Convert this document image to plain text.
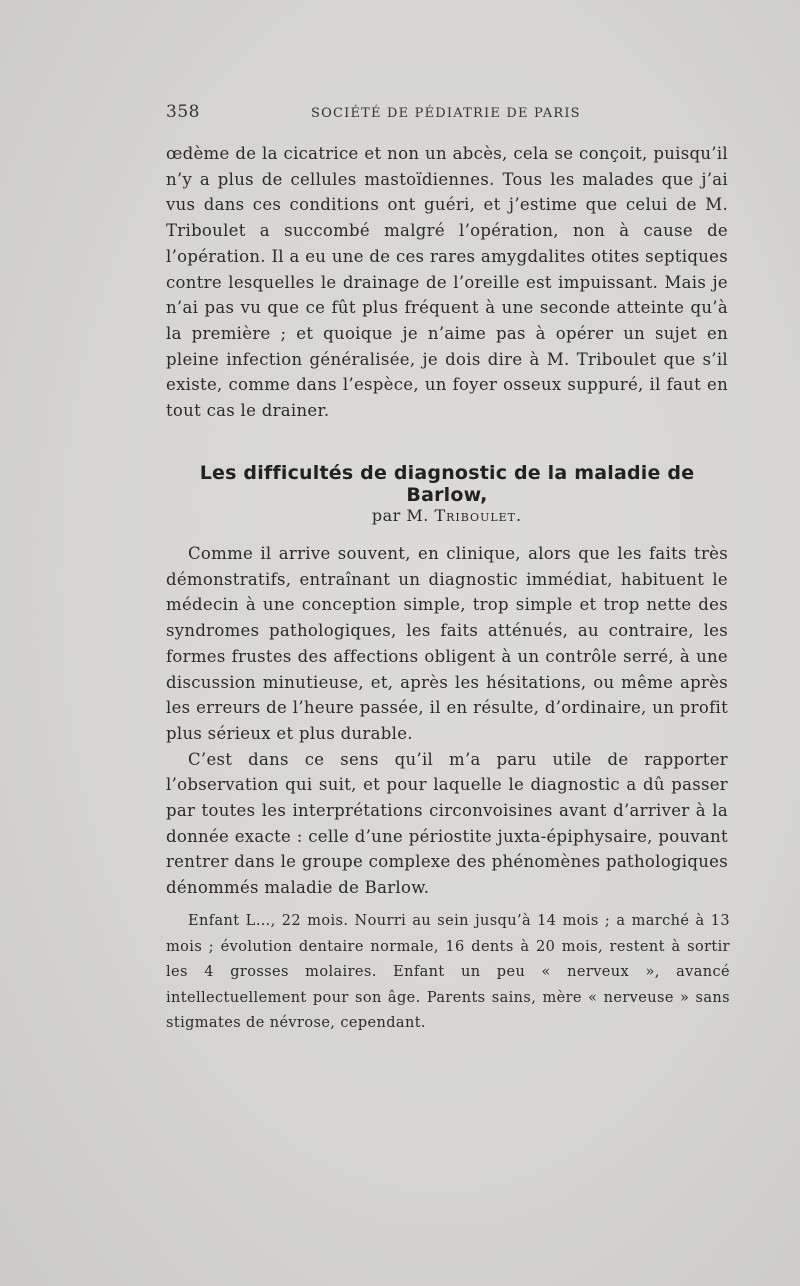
358	SOCIÉTÉ DE PÉDIATRIE DE PARIS
œdème de la cicatrice et non un abcès, cela se conçoit, puisqu’il n’y a plus de cellules mastoïdiennes. Tous les malades que j’ai vus dans ces conditions ont guéri, et j’estime que celui de M. Triboulet a succombé malgré l’opération, non à cause de l’opération. Il a eu une de ces rares amygdalites otites septiques contre lesquelles le drainage de l’oreille est impuissant. Mais je n’ai pas vu que ce fût plus fréquent à une seconde atteinte qu’à la première ; et quoique je n’aime pas à opérer un sujet en pleine infection généralisée, je dois dire à M. Triboulet que s’il existe, comme dans l’espèce, un foyer osseux suppuré, il faut en tout cas le drainer.
Les difficultés de diagnostic de la maladie de Barlow,
par M. Triboulet.

Comme il arrive souvent, en clinique, alors que les faits très démonstratifs, entraînant un diagnostic immédiat, habituent le médecin à une conception simple, trop simple et trop nette des syndromes pathologiques, les faits atténués, au contraire, les formes frustes des affections obligent à un contrôle serré, à une discussion minutieuse, et, après les hésitations, ou même après les erreurs de l’heure passée, il en résulte, d’ordinaire, un profit plus sérieux et plus durable.

C’est dans ce sens qu’il m’a paru utile de rapporter l’observation qui suit, et pour laquelle le diagnostic a dû passer par toutes les interprétations circonvoisines avant d’arriver à la donnée exacte : celle d’une périostite juxta-épiphysaire, pouvant rentrer dans le groupe complexe des phénomènes pathologiques dénommés maladie de Barlow.

Enfant L…, 22 mois. Nourri au sein jusqu’à 14 mois ; a marché à 13 mois ; évolution dentaire normale, 16 dents à 20 mois, restent à sortir les 4 grosses molaires. Enfant un peu « nerveux », avancé intellectuellement pour son âge. Parents sains, mère « nerveuse » sans stigmates de névrose, cependant.
